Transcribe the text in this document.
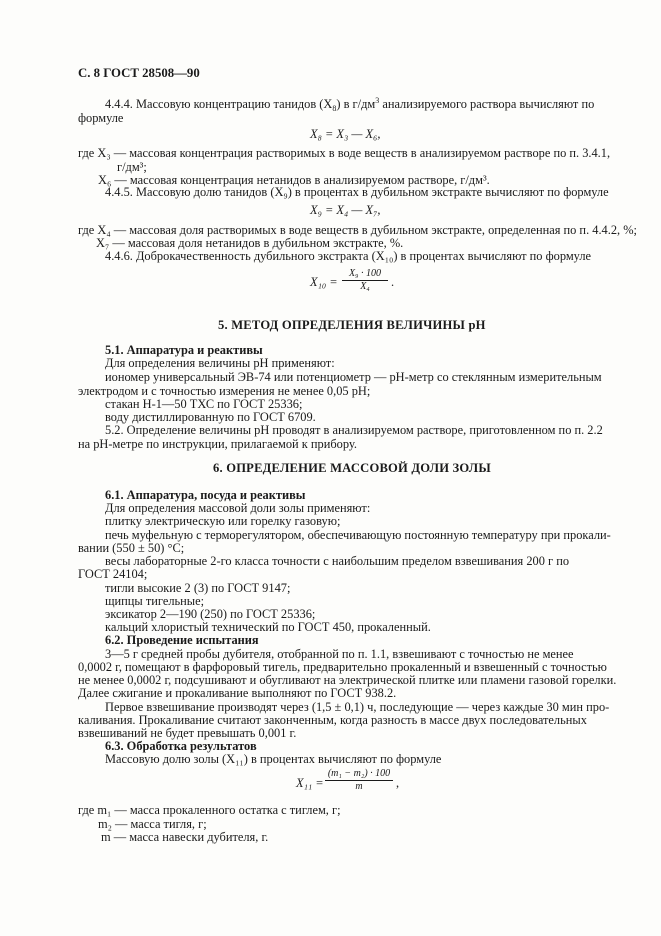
С. 8 ГОСТ 28508—90
4.4.4. Массовую концентрацию танидов $(Х_8)$ в $г/дм^3$ анализируемого раствора вычисляют по
формуле
X₈ = X₃ — X₆,
где X₃ — массовая концентрация растворимых в воде веществ в анализируемом растворе по п. 3.4.1,
г/дм³;
X₆ — массовая концентрация нетанидов в анализируемом растворе, г/дм³.
4.4.5. Массовую долю танидов (X₉) в процентах в дубильном экстракте вычисляют по формуле
X₉ = X₄ — X₇,
где X₄ — массовая доля растворимых в воде веществ в дубильном экстракте, определенная по п. 4.4.2, %;
X₇ — массовая доля нетанидов в дубильном экстракте, %.
4.4.6. Доброкачественность дубильного экстракта (X₁₀) в процентах вычисляют по формуле
X₁₀ =
X₉ · 100
X₄	.
5. МЕТОД ОПРЕДЕЛЕНИЯ ВЕЛИЧИНЫ pH
5.1. Аппаратура и реактивы
Для определения величины pH применяют:
иономер универсальный ЭВ-74 или потенциометр — pH-метр со стеклянным измерительным
электродом и с точностью измерения не менее 0,05 pH;
стакан Н-1—50 ТХС по ГОСТ 25336;
воду дистиллированную по ГОСТ 6709.
5.2. Определение величины pH проводят в анализируемом растворе, приготовленном по п. 2.2
на pH-метре по инструкции, прилагаемой к прибору.
6. ОПРЕДЕЛЕНИЕ МАССОВОЙ ДОЛИ ЗОЛЫ
6.1. Аппаратура, посуда и реактивы
Для определения массовой доли золы применяют:
плитку электрическую или горелку газовую;
печь муфельную с терморегулятором, обеспечивающую постоянную температуру при прокали-
вании (550 ± 50) °С;
весы лабораторные 2-го класса точности с наибольшим пределом взвешивания 200 г по
ГОСТ 24104;
тигли высокие 2 (3) по ГОСТ 9147;
щипцы тигельные;
эксикатор 2—190 (250) по ГОСТ 25336;
кальций хлористый технический по ГОСТ 450, прокаленный.
6.2. Проведение испытания
3—5 г средней пробы дубителя, отобранной по п. 1.1, взвешивают с точностью не менее
0,0002 г, помещают в фарфоровый тигель, предварительно прокаленный и взвешенный с точностью
не менее 0,0002 г, подсушивают и обугливают на электрической плитке или пламени газовой горелки.
Далее сжигание и прокаливание выполняют по ГОСТ 938.2.
Первое взвешивание производят через (1,5 ± 0,1) ч, последующие — через каждые 30 мин про-
каливания. Прокаливание считают законченным, когда разность в массе двух последовательных
взвешиваний не будет превышать 0,001 г.
6.3. Обработка результатов
Массовую долю золы (X₁₁) в процентах вычисляют по формуле
X₁₁ =
(m₁ − m₂) · 100
m	,
где m₁ — масса прокаленного остатка с тиглем, г;
m₂ — масса тигля, г;
m — масса навески дубителя, г.
